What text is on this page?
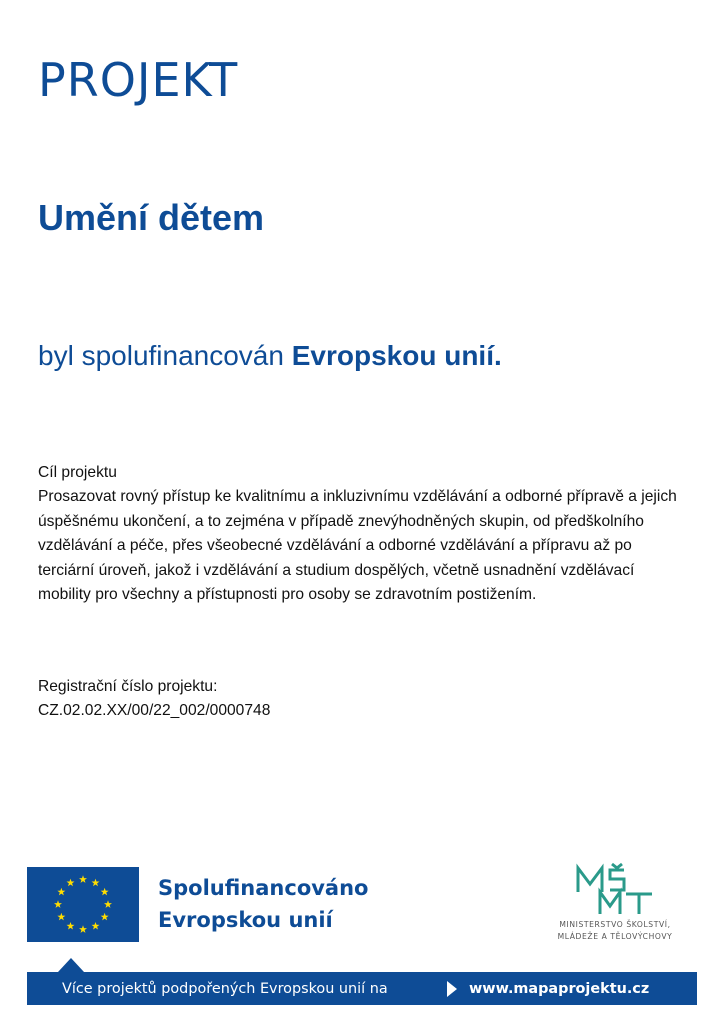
PROJEKT
Umění dětem
byl spolufinancován Evropskou unií.
Cíl projektu
Prosazovat rovný přístup ke kvalitnímu a inkluzivnímu vzdělávání a odborné přípravě a jejich úspěšnému ukončení, a to zejména v případě znevýhodněných skupin, od předškolního vzdělávání a péče, přes všeobecné vzdělávání a odborné vzdělávání a přípravu až po terciární úroveň, jakož i vzdělávání a studium dospělých, včetně usnadnění vzdělávací mobility pro všechny a přístupnosti pro osoby se zdravotním postižením.
Registrační číslo projektu:
CZ.02.02.XX/00/22_002/0000748
Spolufinancováno
Evropskou unií	MINISTERSTVO ŠKOLSTVÍ,
MLÁDEŽE A TĚLOVÝCHOVY
Více projektů podpořených Evropskou unií na	www.mapaprojektu.cz
